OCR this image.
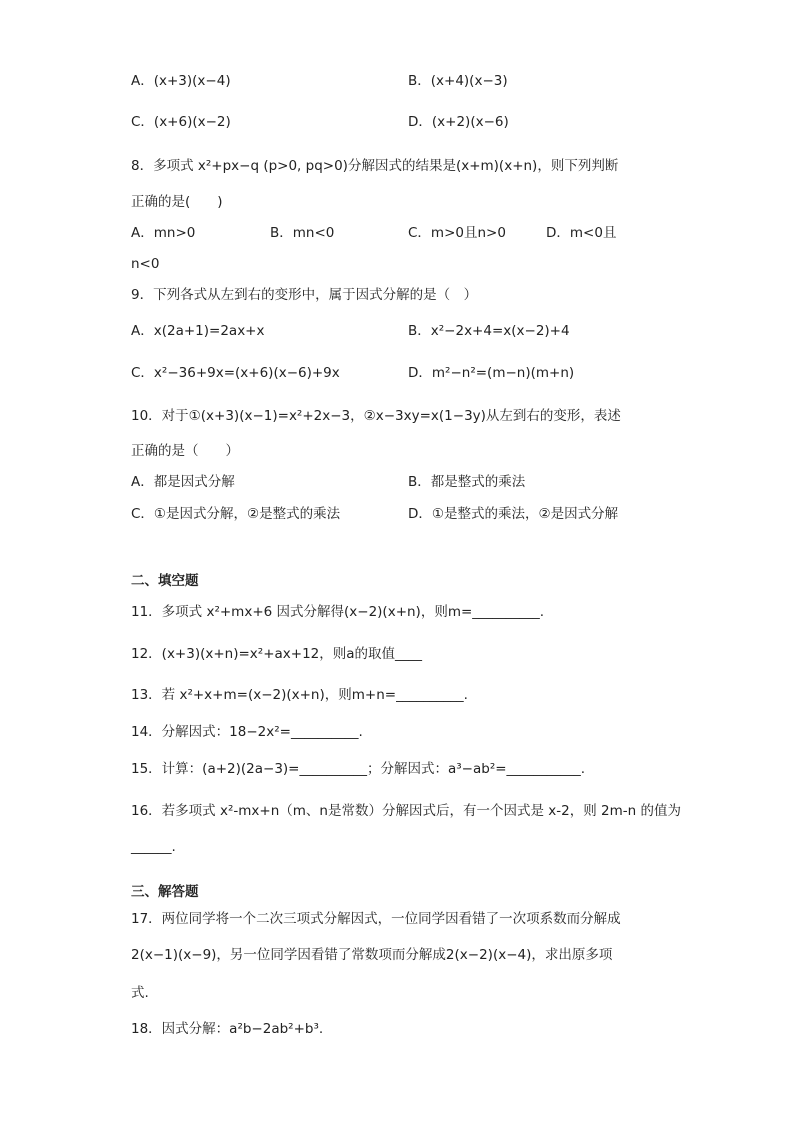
A．(x+3)(x−4)	B．(x+4)(x−3)
C．(x+6)(x−2)	D．(x+2)(x−6)
8．多项式 x²+px−q (p>0, pq>0)分解因式的结果是(x+m)(x+n)，则下列判断
正确的是(　　)
A．mn>0	B．mn<0	C．m>0且n>0	D．m<0且
n<0
9．下列各式从左到右的变形中，属于因式分解的是（　）
A．x(2a+1)=2ax+x	B．x²−2x+4=x(x−2)+4
C．x²−36+9x=(x+6)(x−6)+9x	D．m²−n²=(m−n)(m+n)
10．对于①(x+3)(x−1)=x²+2x−3，②x−3xy=x(1−3y)从左到右的变形，表述
正确的是（　　）
A．都是因式分解	B．都是整式的乘法
C．①是因式分解，②是整式的乘法	D．①是整式的乘法，②是因式分解
二、填空题
11．多项式 x²+mx+6 因式分解得(x−2)(x+n)，则m=__________.
12．(x+3)(x+n)=x²+ax+12，则a的取值____
13．若 x²+x+m=(x−2)(x+n)，则m+n=__________.
14．分解因式：18−2x²=__________.
15．计算：(a+2)(2a−3)=__________；分解因式：a³−ab²=___________.
16．若多项式 x²-mx+n（m、n是常数）分解因式后，有一个因式是 x-2，则 2m-n 的值为
______.
三、解答题
17．两位同学将一个二次三项式分解因式，一位同学因看错了一次项系数而分解成
2(x−1)(x−9)，另一位同学因看错了常数项而分解成2(x−2)(x−4)，求出原多项
式.
18．因式分解：a²b−2ab²+b³.
